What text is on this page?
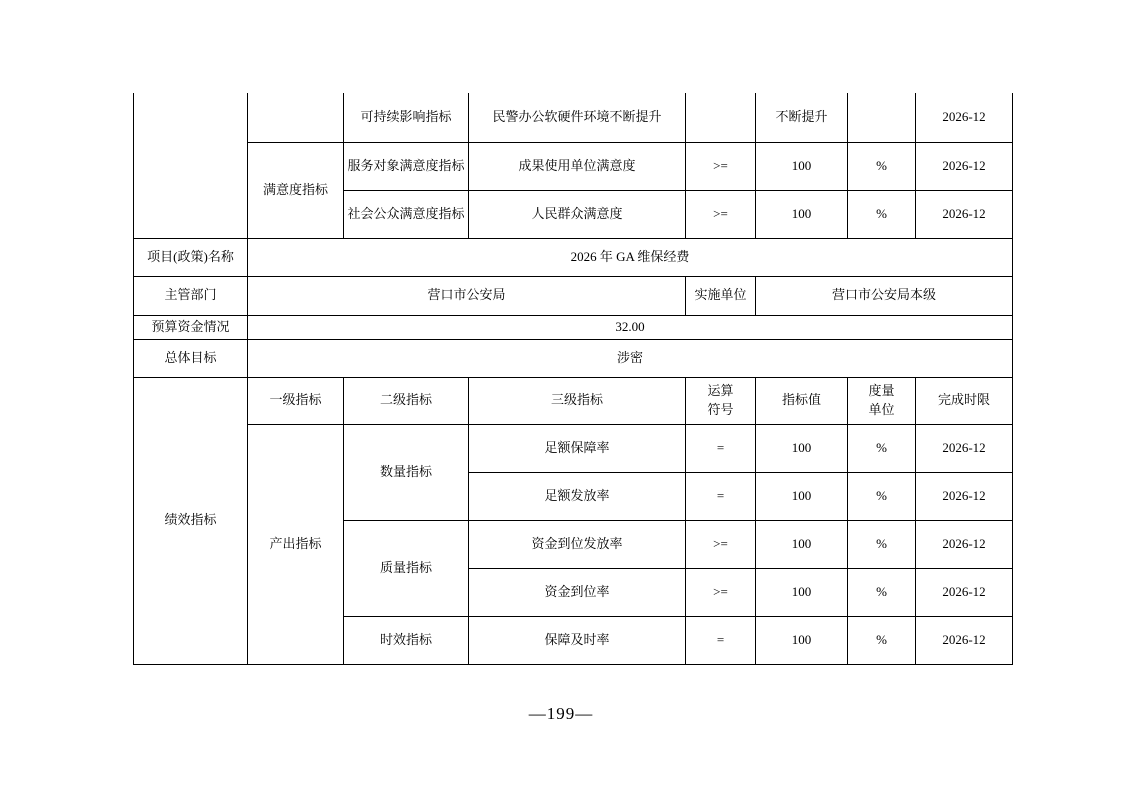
		可持续影响指标	民警办公软硬件环境不断提升		不断提升		2026-12
	满意度指标	服务对象满意度指标	成果使用单位满意度	>=	100	%	2026-12
		社会公众满意度指标	人民群众满意度	>=	100	%	2026-12
项目(政策)名称	2026 年 GA 维保经费						
主管部门	营口市公安局			实施单位	营口市公安局本级		
预算资金情况	32.00						
总体目标	涉密						
绩效指标	一级指标	二级指标	三级指标	运算符号	指标值	度量单位	完成时限
	产出指标	数量指标	足额保障率	=	100	%	2026-12
			足额发放率	=	100	%	2026-12
		质量指标	资金到位发放率	>=	100	%	2026-12
			资金到位率	>=	100	%	2026-12
		时效指标	保障及时率	=	100	%	2026-12
—199—
